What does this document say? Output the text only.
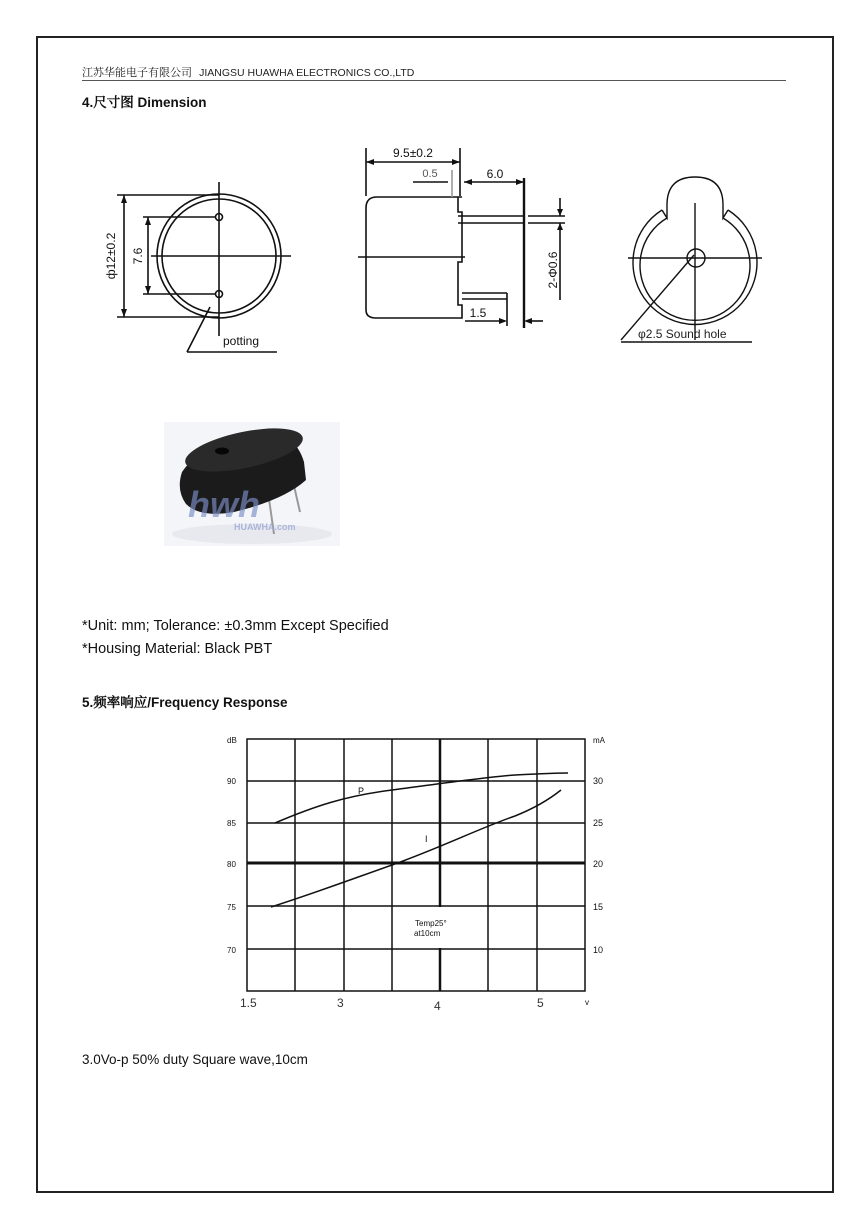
江苏华能电子有限公司 JIANGSU HUAWHA ELECTRONICS CO.,LTD
4.尺寸图 Dimension
ф12±0.2 7.6
potting
9.5±0.2
0.5	6.0
2-Φ0.6
1.5
φ2.5 Sound hole
hwh
HUAWHA.com
*Unit: mm; Tolerance: ±0.3mm Except Specified
*Housing Material: Black PBT
5.频率响应/Frequency Response
P
I
dB	mA
90
85
80
75
70
30
25
20
15
10
1.5	3	4	5	v
Temp25°
at10cm
3.0Vo-p 50% duty Square wave,10cm
